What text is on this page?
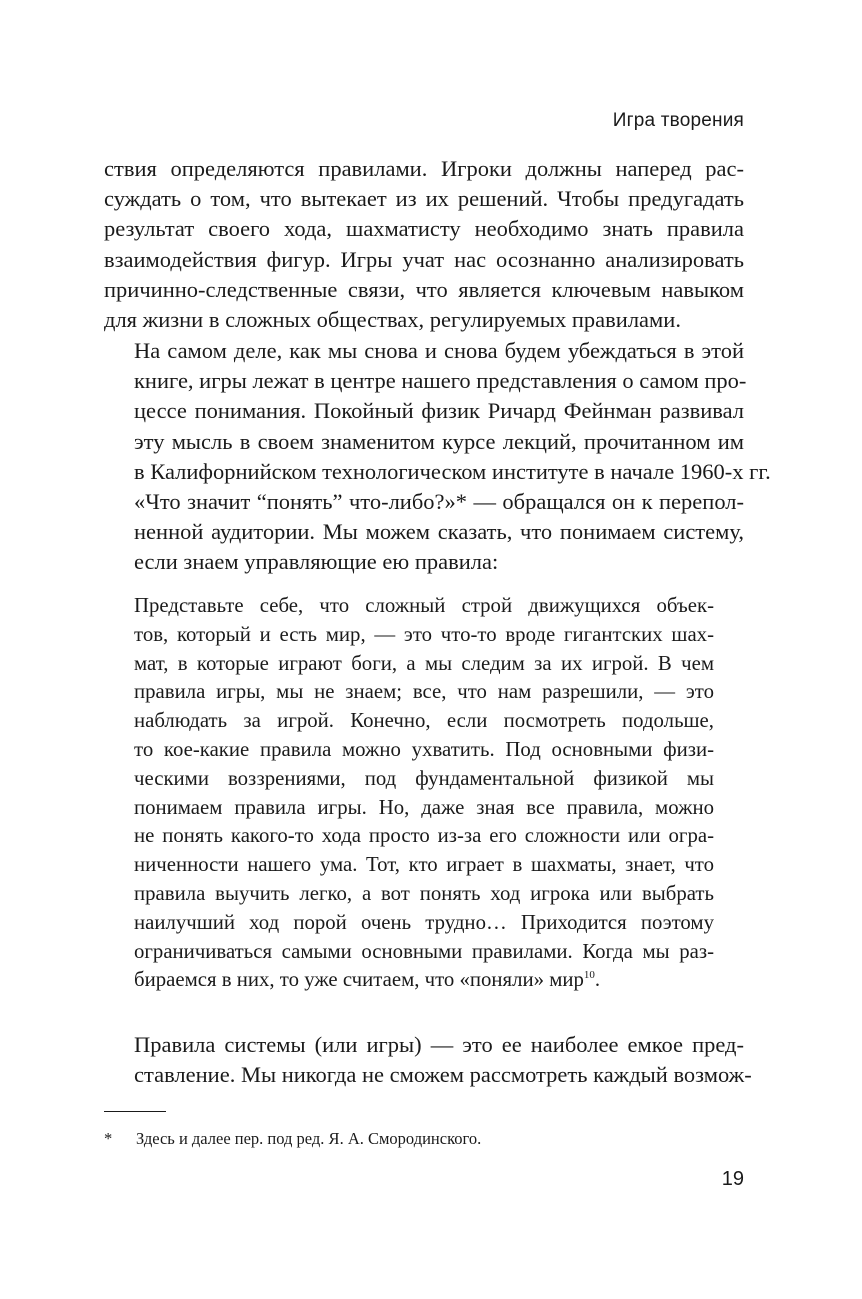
Игра творения
ствия определяются правилами. Игроки должны наперед рас-
суждать о том, что вытекает из их решений. Чтобы предугадать
результат своего хода, шахматисту необходимо знать правила
взаимодействия фигур. Игры учат нас осознанно анализировать
причинно-следственные связи, что является ключевым навыком
для жизни в сложных обществах, регулируемых правилами.
На самом деле, как мы снова и снова будем убеждаться в этой
книге, игры лежат в центре нашего представления о самом про-
цессе понимания. Покойный физик Ричард Фейнман развивал
эту мысль в своем знаменитом курсе лекций, прочитанном им
в Калифорнийском технологическом институте в начале 1960-х гг.
«Что значит “понять” что-либо?»* — обращался он к перепол-
ненной аудитории. Мы можем сказать, что понимаем систему,
если знаем управляющие ею правила:
Представьте себе, что сложный строй движущихся объек-
тов, который и есть мир, — это что-то вроде гигантских шах-
мат, в которые играют боги, а мы следим за их игрой. В чем
правила игры, мы не знаем; все, что нам разрешили, — это
наблюдать за игрой. Конечно, если посмотреть подольше,
то кое-какие правила можно ухватить. Под основными физи-
ческими воззрениями, под фундаментальной физикой мы
понимаем правила игры. Но, даже зная все правила, можно
не понять какого-то хода просто из-за его сложности или огра-
ниченности нашего ума. Тот, кто играет в шахматы, знает, что
правила выучить легко, а вот понять ход игрока или выбрать
наилучший ход порой очень трудно… Приходится поэтому
ограничиваться самыми основными правилами. Когда мы раз-
бираемся в них, то уже считаем, что «поняли» мир$^{10}$.
Правила системы (или игры) — это ее наиболее емкое пред-
ставление. Мы никогда не сможем рассмотреть каждый возмож-
* Здесь и далее пер. под ред. Я. А. Смородинского.
19
